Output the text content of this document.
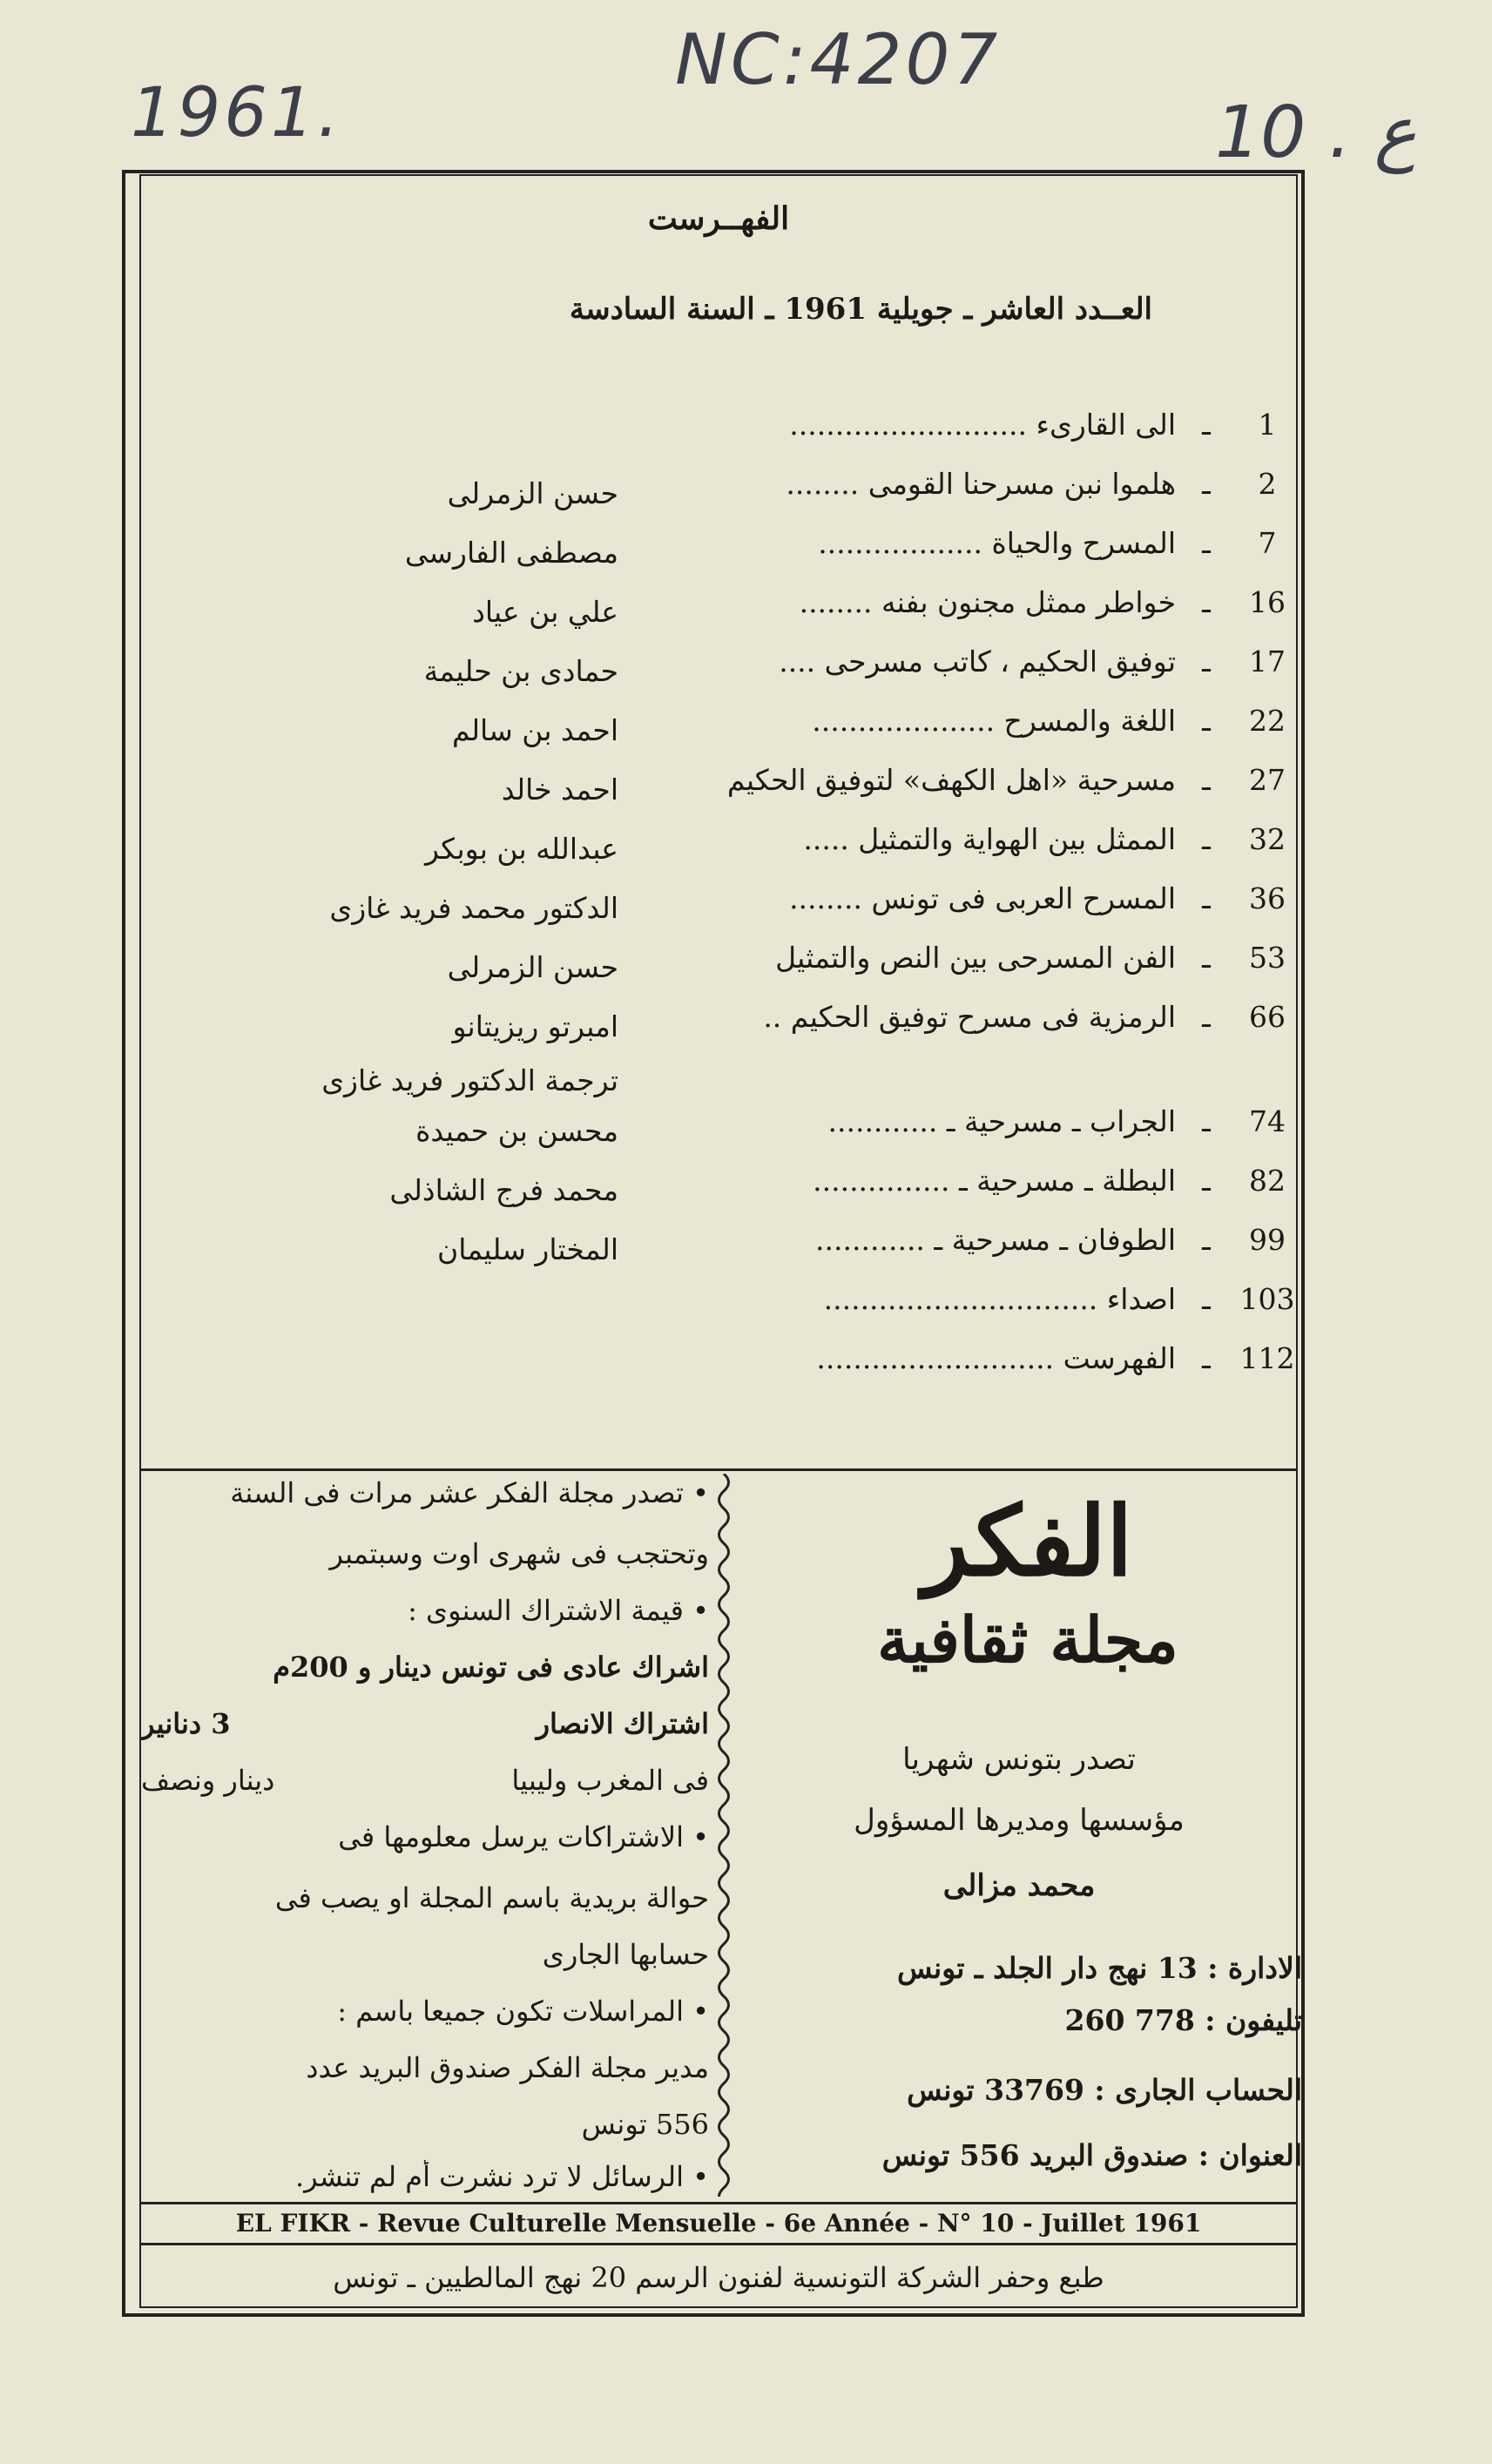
1961.
NC:4207
10 . ع
الفهــرست
العــدد العاشر ـ جويلية 1961 ـ السنة السادسة
1
ـ
الى القارىء ..........................
2
ـ
هلموا نبن مسرحنا القومى ........
حسن الزمرلى
7
ـ
المسرح والحياة ..................
مصطفى الفارسى
16
ـ
خواطر ممثل مجنون بفنه ........
علي بن عياد
17
ـ
توفيق الحكيم ، كاتب مسرحى ....
حمادى بن حليمة
22
ـ
اللغة والمسرح ....................
احمد بن سالم
27
ـ
مسرحية «اهل الكهف» لتوفيق الحكيم
احمد خالد
32
ـ
الممثل بين الهواية والتمثيل .....
عبدالله بن بوبكر
36
ـ
المسرح العربى فى تونس ........
الدكتور محمد فريد غازى
53
ـ
الفن المسرحى بين النص والتمثيل
حسن الزمرلى
66
ـ
الرمزية فى مسرح توفيق الحكيم ..
امبرتو ريزيتانو
ترجمة الدكتور فريد غازى
74
ـ
الجراب ـ مسرحية ـ ............
محسن بن حميدة
82
ـ
البطلة ـ مسرحية ـ ...............
محمد فرج الشاذلى
99
ـ
الطوفان ـ مسرحية ـ ............
المختار سليمان
103
ـ
اصداء ..............................
112
ـ
الفهرست ..........................
الفكر
مجلة ثقافية
تصدر بتونس شهريا
مؤسسها ومديرها المسؤول
محمد مزالى
الادارة : 13 نهج دار الجلد ـ تونس
تليفون : 778 260
الحساب الجارى : 33769 تونس
العنوان : صندوق البريد 556 تونس
• تصدر مجلة الفكر عشر مرات فى السنة
وتحتجب فى شهرى اوت وسبتمبر
• قيمة الاشتراك السنوى :
اشراك عادى فى تونس دينار و 200م
اشتراك الانصار
3 دنانير
فى المغرب وليبيا
دينار ونصف
• الاشتراكات يرسل معلومها فى
حوالة بريدية باسم المجلة او يصب فى
حسابها الجارى
• المراسلات تكون جميعا باسم :
مدير مجلة الفكر صندوق البريد عدد
556 تونس
• الرسائل لا ترد نشرت أم لم تنشر.
EL FIKR - Revue Culturelle Mensuelle - 6e Année - N° 10 - Juillet 1961
طبع وحفر الشركة التونسية لفنون الرسم 20 نهج المالطيين ـ تونس
